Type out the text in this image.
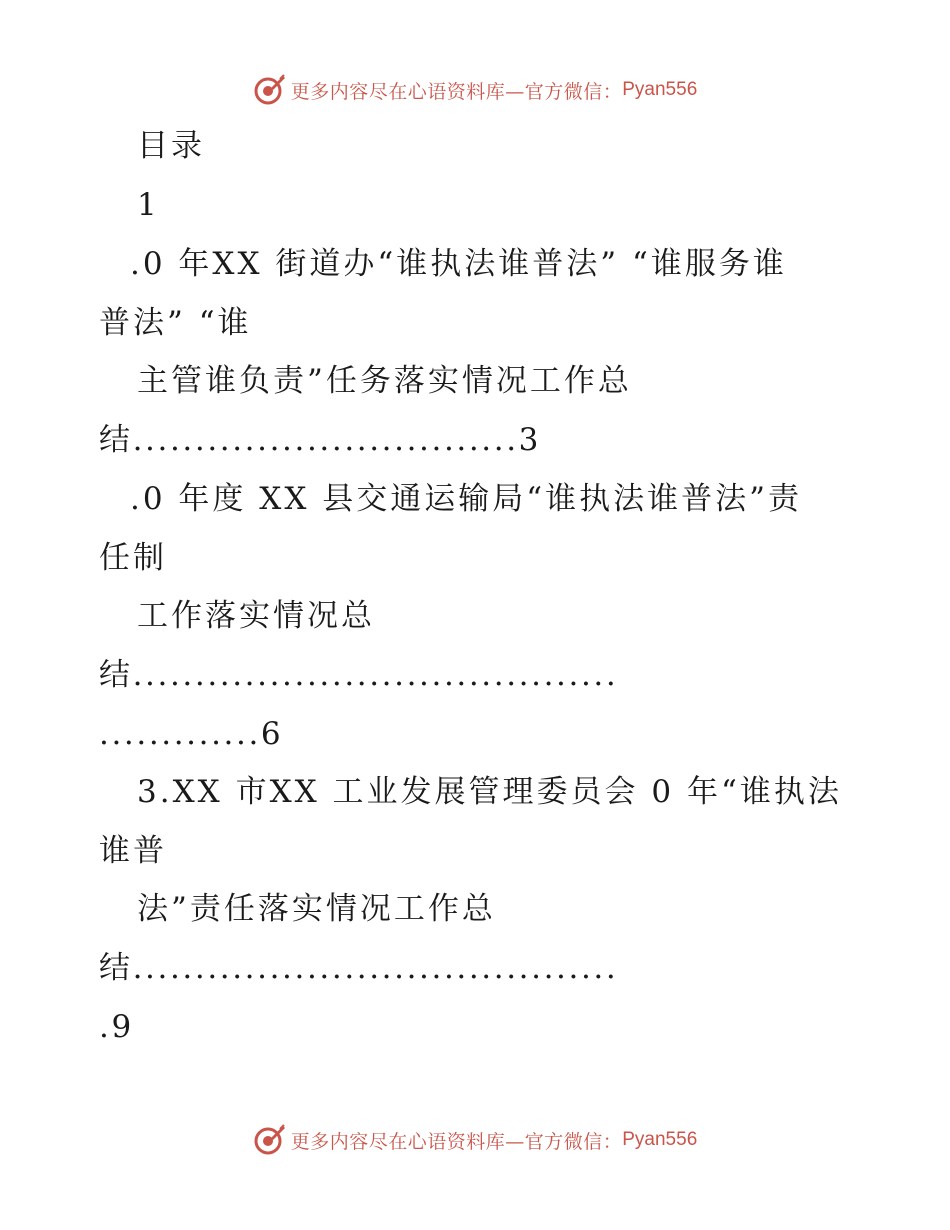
更多内容尽在心语资料库—官方微信： Pyan556
目录
1
.0 年XX 街道办“谁执法谁普法” “谁服务谁
普法” “谁
主管谁负责”任务落实情况工作总
结...............................3
.0 年度 XX 县交通运输局“谁执法谁普法”责
任制
工作落实情况总
结.......................................
.............6
3.XX 市XX 工业发展管理委员会 0 年“谁执法
谁普
法”责任落实情况工作总
结.......................................
.9
更多内容尽在心语资料库—官方微信： Pyan556
